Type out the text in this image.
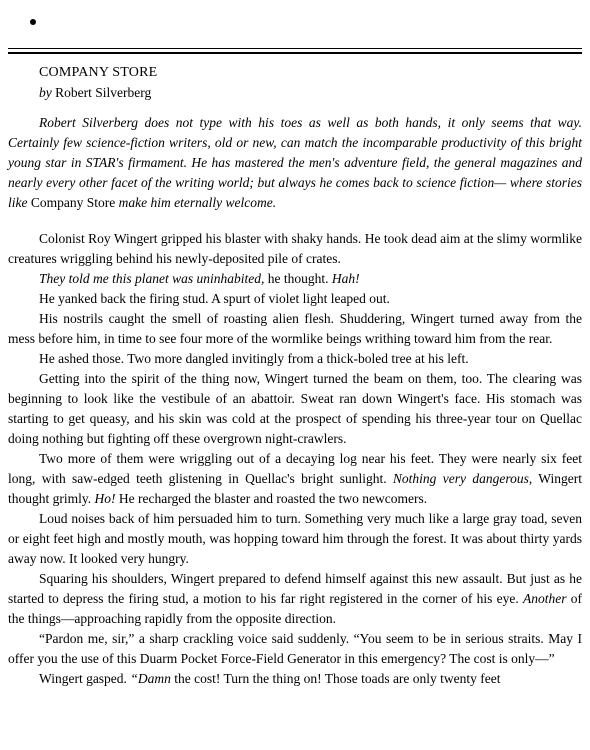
COMPANY STORE
by Robert Silverberg

Robert Silverberg does not type with his toes as well as both hands, it only seems that way. Certainly few science-fiction writers, old or new, can match the incomparable productivity of this bright young star in STAR's firmament. He has mastered the men's adventure field, the general magazines and nearly every other facet of the writing world; but always he comes back to science fiction— where stories like Company Store make him eternally welcome.

Colonist Roy Wingert gripped his blaster with shaky hands. He took dead aim at the slimy wormlike creatures wriggling behind his newly-deposited pile of crates.

They told me this planet was uninhabited, he thought. Hah!

He yanked back the firing stud. A spurt of violet light leaped out.

His nostrils caught the smell of roasting alien flesh. Shuddering, Wingert turned away from the mess before him, in time to see four more of the wormlike beings writhing toward him from the rear.

He ashed those. Two more dangled invitingly from a thick-boled tree at his left.

Getting into the spirit of the thing now, Wingert turned the beam on them, too. The clearing was beginning to look like the vestibule of an abattoir. Sweat ran down Wingert's face. His stomach was starting to get queasy, and his skin was cold at the prospect of spending his three-year tour on Quellac doing nothing but fighting off these overgrown night-crawlers.

Two more of them were wriggling out of a decaying log near his feet. They were nearly six feet long, with saw-edged teeth glistening in Quellac's bright sunlight. Nothing very dangerous, Wingert thought grimly. Ho! He recharged the blaster and roasted the two newcomers.

Loud noises back of him persuaded him to turn. Something very much like a large gray toad, seven or eight feet high and mostly mouth, was hopping toward him through the forest. It was about thirty yards away now. It looked very hungry.

Squaring his shoulders, Wingert prepared to defend himself against this new assault. But just as he started to depress the firing stud, a motion to his far right registered in the corner of his eye. Another of the things—approaching rapidly from the opposite direction.

“Pardon me, sir,” a sharp crackling voice said suddenly. “You seem to be in serious straits. May I offer you the use of this Duarm Pocket Force-Field Generator in this emergency? The cost is only—”

Wingert gasped. “Damn the cost! Turn the thing on! Those toads are only twenty feet
